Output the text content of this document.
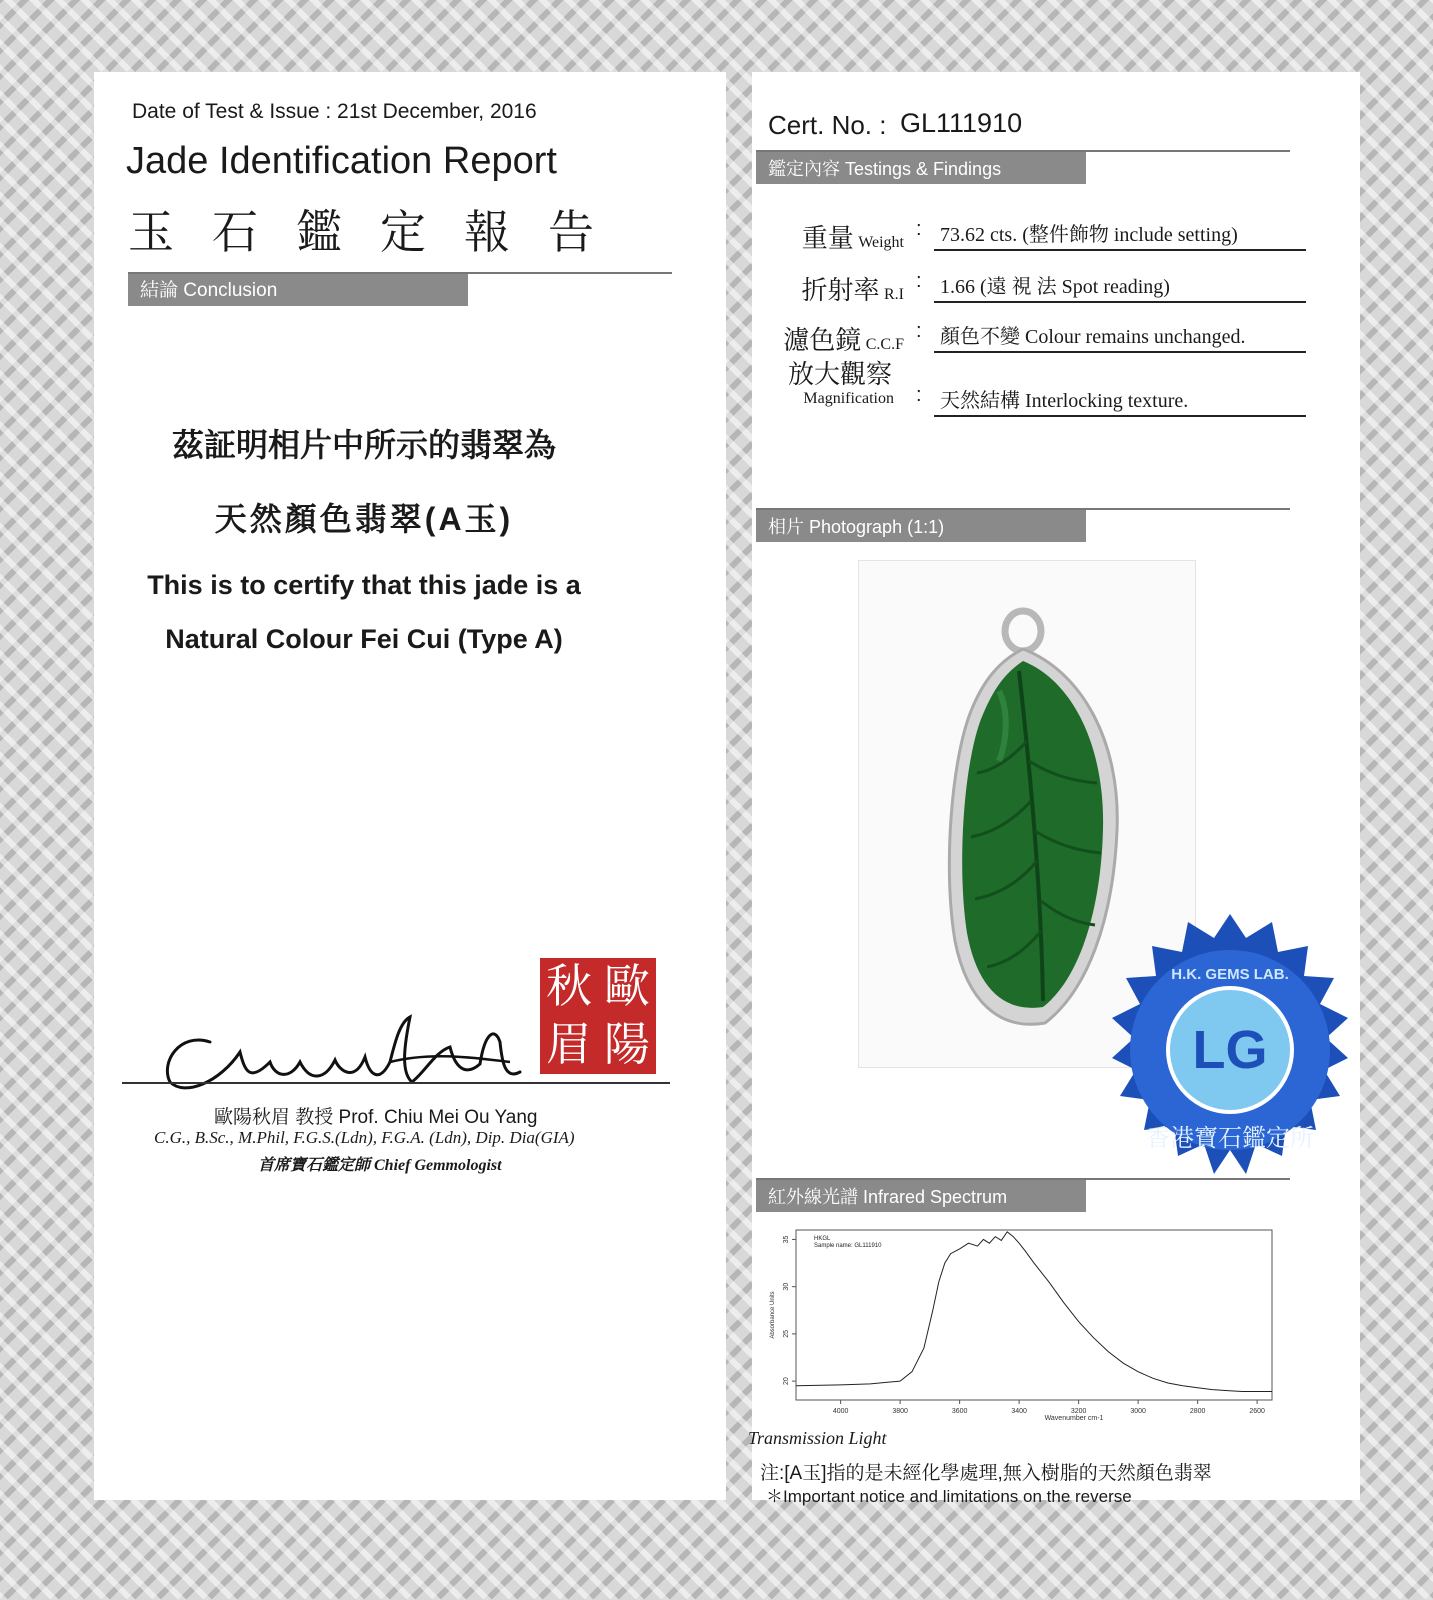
Date of Test & Issue : 21st December, 2016
Jade Identification Report
玉石鑑定報告
結論 Conclusion
茲証明相片中所示的翡翠為
天然顏色翡翠(A玉)
This is to certify that this jade is a
Natural Colour Fei Cui (Type A)
歐
秋
陽
眉
歐陽秋眉 教授 Prof. Chiu Mei Ou Yang
C.G., B.Sc., M.Phil, F.G.S.(Ldn), F.G.A. (Ldn), Dip. Dia(GIA)
首席寶石鑑定師 Chief Gemmologist
Cert. No. : GL111910
鑑定內容 Testings & Findings
重量 Weight
: 73.62 cts. (整件飾物 include setting)
折射率 R.I
: 1.66 (遠 視 法 Spot reading)
濾色鏡 C.C.F
: 顏色不變 Colour remains unchanged.
放大觀察
Magnification : 天然結構 Interlocking texture.
相片 Photograph (1:1)
H.K. GEMS LAB.
LG
香港寶石鑑定所
紅外線光譜 Infrared Spectrum
4000	3800	3600	3400	3200	3000	2800	2600
20
25
30
35
Wavenumber cm-1
Absorbance Units
HKGL
Sample name: GL111910
Transmission Light
注:[A玉]指的是未經化學處理,無入樹脂的天然顏色翡翠
＊Important notice and limitations on the reverse
